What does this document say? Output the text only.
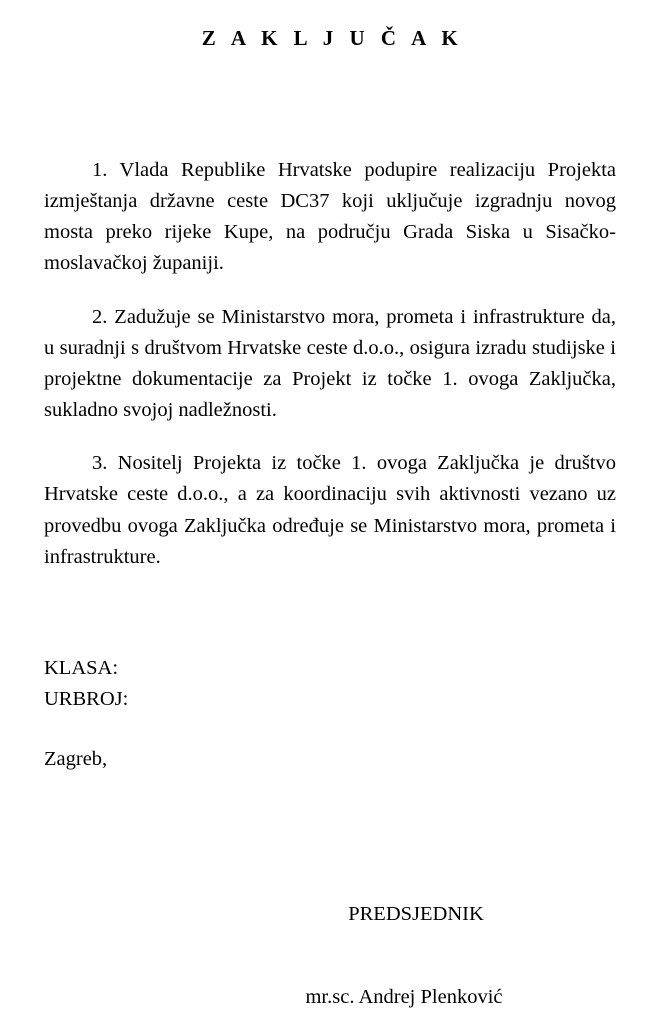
Z A K L J U Č A K

1. Vlada Republike Hrvatske podupire realizaciju Projekta izmještanja državne ceste DC37 koji uključuje izgradnju novog mosta preko rijeke Kupe, na području Grada Siska u Sisačko-moslavačkoj županiji.

2. Zadužuje se Ministarstvo mora, prometa i infrastrukture da, u suradnji s društvom Hrvatske ceste d.o.o., osigura izradu studijske i projektne dokumentacije za Projekt iz točke 1. ovoga Zaključka, sukladno svojoj nadležnosti.

3. Nositelj Projekta iz točke 1. ovoga Zaključka je društvo Hrvatske ceste d.o.o., a za koordinaciju svih aktivnosti vezano uz provedbu ovoga Zaključka određuje se Ministarstvo mora, prometa i infrastrukture.

KLASA:

URBROJ:

Zagreb,

PREDSJEDNIK

mr.sc. Andrej Plenković
